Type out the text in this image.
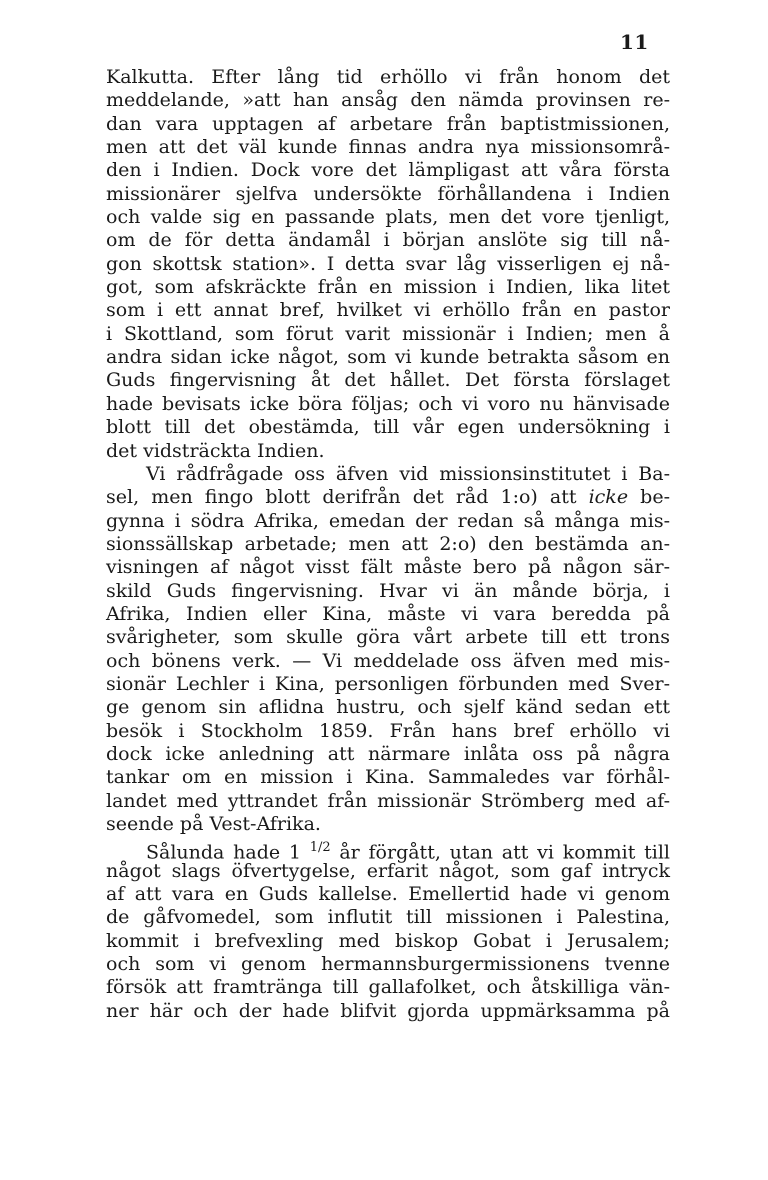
11
Kalkutta. Efter lång tid erhöllo vi från honom det
meddelande, »att han ansåg den nämda provinsen re-
dan vara upptagen af arbetare från baptistmissionen,
men att det väl kunde finnas andra nya missionsområ-
den i Indien. Dock vore det lämpligast att våra första
missionärer sjelfva undersökte förhållandena i Indien
och valde sig en passande plats, men det vore tjenligt,
om de för detta ändamål i början anslöte sig till nå-
gon skottsk station». I detta svar låg visserligen ej nå-
got, som afskräckte från en mission i Indien, lika litet
som i ett annat bref, hvilket vi erhöllo från en pastor
i Skottland, som förut varit missionär i Indien; men å
andra sidan icke något, som vi kunde betrakta såsom en
Guds fingervisning åt det hållet. Det första förslaget
hade bevisats icke böra följas; och vi voro nu hänvisade
blott till det obestämda, till vår egen undersökning i
det vidsträckta Indien.
Vi rådfrågade oss äfven vid missionsinstitutet i Ba-
sel, men fingo blott derifrån det råd 1:o) att icke be-
gynna i södra Afrika, emedan der redan så många mis-
sionssällskap arbetade; men att 2:o) den bestämda an-
visningen af något visst fält måste bero på någon sär-
skild Guds fingervisning. Hvar vi än månde börja, i
Afrika, Indien eller Kina, måste vi vara beredda på
svårigheter, som skulle göra vårt arbete till ett trons
och bönens verk. — Vi meddelade oss äfven med mis-
sionär Lechler i Kina, personligen förbunden med Sver-
ge genom sin aflidna hustru, och sjelf känd sedan ett
besök i Stockholm 1859. Från hans bref erhöllo vi
dock icke anledning att närmare inlåta oss på några
tankar om en mission i Kina. Sammaledes var förhål-
landet med yttrandet från missionär Strömberg med af-
seende på Vest-Afrika.
Sålunda hade 1 $^{1/2}$ år förgått, utan att vi kommit till
något slags öfvertygelse, erfarit något, som gaf intryck
af att vara en Guds kallelse. Emellertid hade vi genom
de gåfvomedel, som influtit till missionen i Palestina,
kommit i brefvexling med biskop Gobat i Jerusalem;
och som vi genom hermannsburgermissionens tvenne
försök att framtränga till gallafolket, och åtskilliga vän-
ner här och der hade blifvit gjorda uppmärksamma på
